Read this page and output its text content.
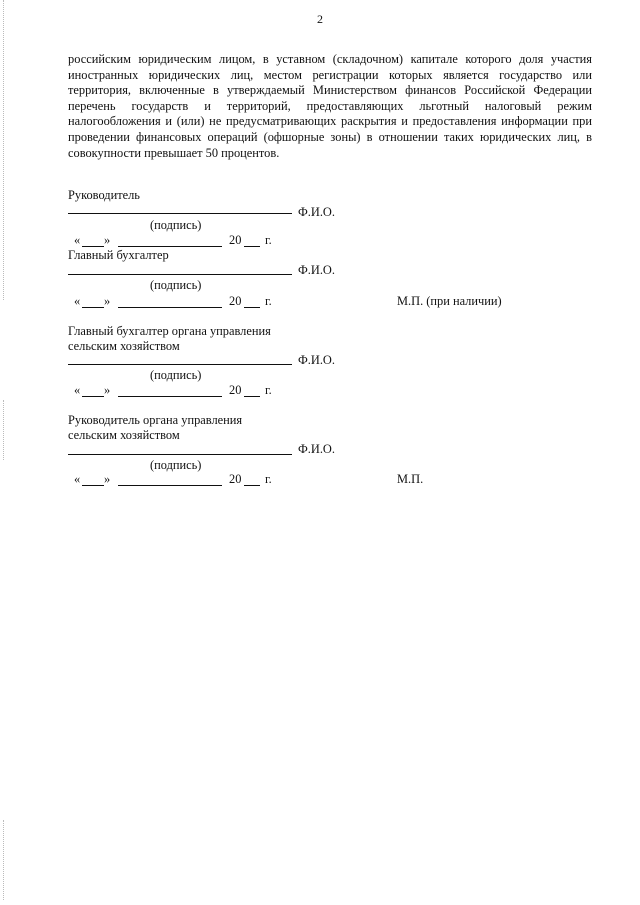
2

российским юридическим лицом, в уставном (складочном) капитале которого доля участия иностранных юридических лиц, местом регистрации которых является государство или территория, включенные в утверждаемый Министерством финансов Российской Федерации перечень государств и территорий, предоставляющих льготный налоговый режим налогообложения и (или) не предусматривающих раскрытия и предоставления информации при проведении финансовых операций (офшорные зоны) в отношении таких юридических лиц, в совокупности превышает 50 процентов.

Руководитель
Ф.И.О.
(подпись)
« »	20 г.
Главный бухгалтер
Ф.И.О.
(подпись)
« »	20 г.	М.П. (при наличии)
Главный бухгалтер органа управления
сельским хозяйством
Ф.И.О.
(подпись)
« »	20 г.
Руководитель органа управления
сельским хозяйством
Ф.И.О.
(подпись)
« »	20 г.	М.П.
